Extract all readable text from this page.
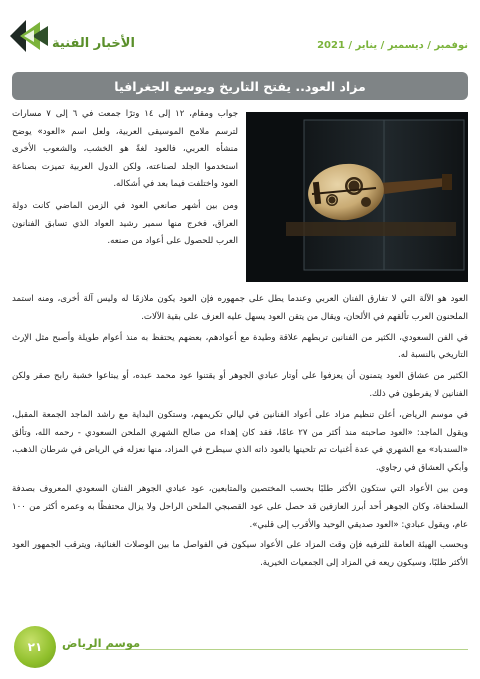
الأخبار الفنية	نوفمبر / ديسمبر / يناير / 2021
مزاد العود.. يفتح التاريخ ويوسع الجغرافيا

جواب ومقام، ١٢ إلى ١٤ وترًا جمعت في ٦ إلى ٧ مسارات لترسم ملامح الموسيقى العربية، ولعل اسم «العود» يوضح منشأه العربي، فالعود لغةً هو الخشب، والشعوب الأخرى استخدموا الجلد لصناعته، ولكن الدول العربية تميزت بصناعة العود واختلفت فيما بعد في أشكاله.

ومن بين أشهر صانعي العود في الزمن الماضي كانت دولة العراق، فخرج منها سمير رشيد العواد الذي تسابق الفنانون العرب للحصول على أعواد من صنعه.

العود هو الآلة التي لا تفارق الفنان العربي وعندما يطل على جمهوره فإن العود يكون ملازمًا له وليس آلة أخرى، ومنه استمد الملحنون العرب تألقهم في الألحان، ويقال من يتقن العود يسهل عليه العزف على بقية الآلات.

في الفن السعودي، الكثير من الفنانين تربطهم علاقة وطيدة مع أعوادهم، بعضهم يحتفظ به منذ أعوام طويلة وأصبح مثل الإرث التاريخي بالنسبة له.

الكثير من عشاق العود يتمنون أن يعزفوا على أوتار عبادي الجوهر أو يقتنوا عود محمد عبده، أو يبتاعوا خشبة رابح صقر ولكن الفنانين لا يفرطون في ذلك.

في موسم الرياض، أعلن تنظيم مزاد على أعواد الفنانين في ليالي تكريمهم، وستكون البداية مع راشد الماجد الجمعة المقبل، ويقول الماجد: «العود صاحبته منذ أكثر من ٢٧ عامًا، فقد كان إهداء من صالح الشهري الملحن السعودي - رحمه الله، وتألق «السندباد» مع الشهري في عدة أغنيات تم تلحينها بالعود ذاته الذي سيطرح في المزاد، منها نعزله في الرياض في شرطان الذهب، وأبكي العشاق في رجاوي.

ومن بين الأعواد التي ستكون الأكثر طلبًا بحسب المختصين والمتابعين، عود عبادي الجوهر الفنان السعودي المعروف بصدفة السلحفاة، وكان الجوهر أحد أبرز العازفين قد حصل على عود القصبجي الملحن الراحل ولا يزال محتفظًا به وعمره أكثر من ١٠٠ عام، ويقول عبادي: «العود صديقي الوحيد والأقرب إلى قلبي».

وبحسب الهيئة العامة للترفيه فإن وقت المزاد على الأعواد سيكون في الفواصل ما بين الوصلات الغنائية، ويترقب الجمهور العود الأكثر طلبًا، وسيكون ريعه في المزاد إلى الجمعيات الخيرية.

٢١ موسم الرياض
